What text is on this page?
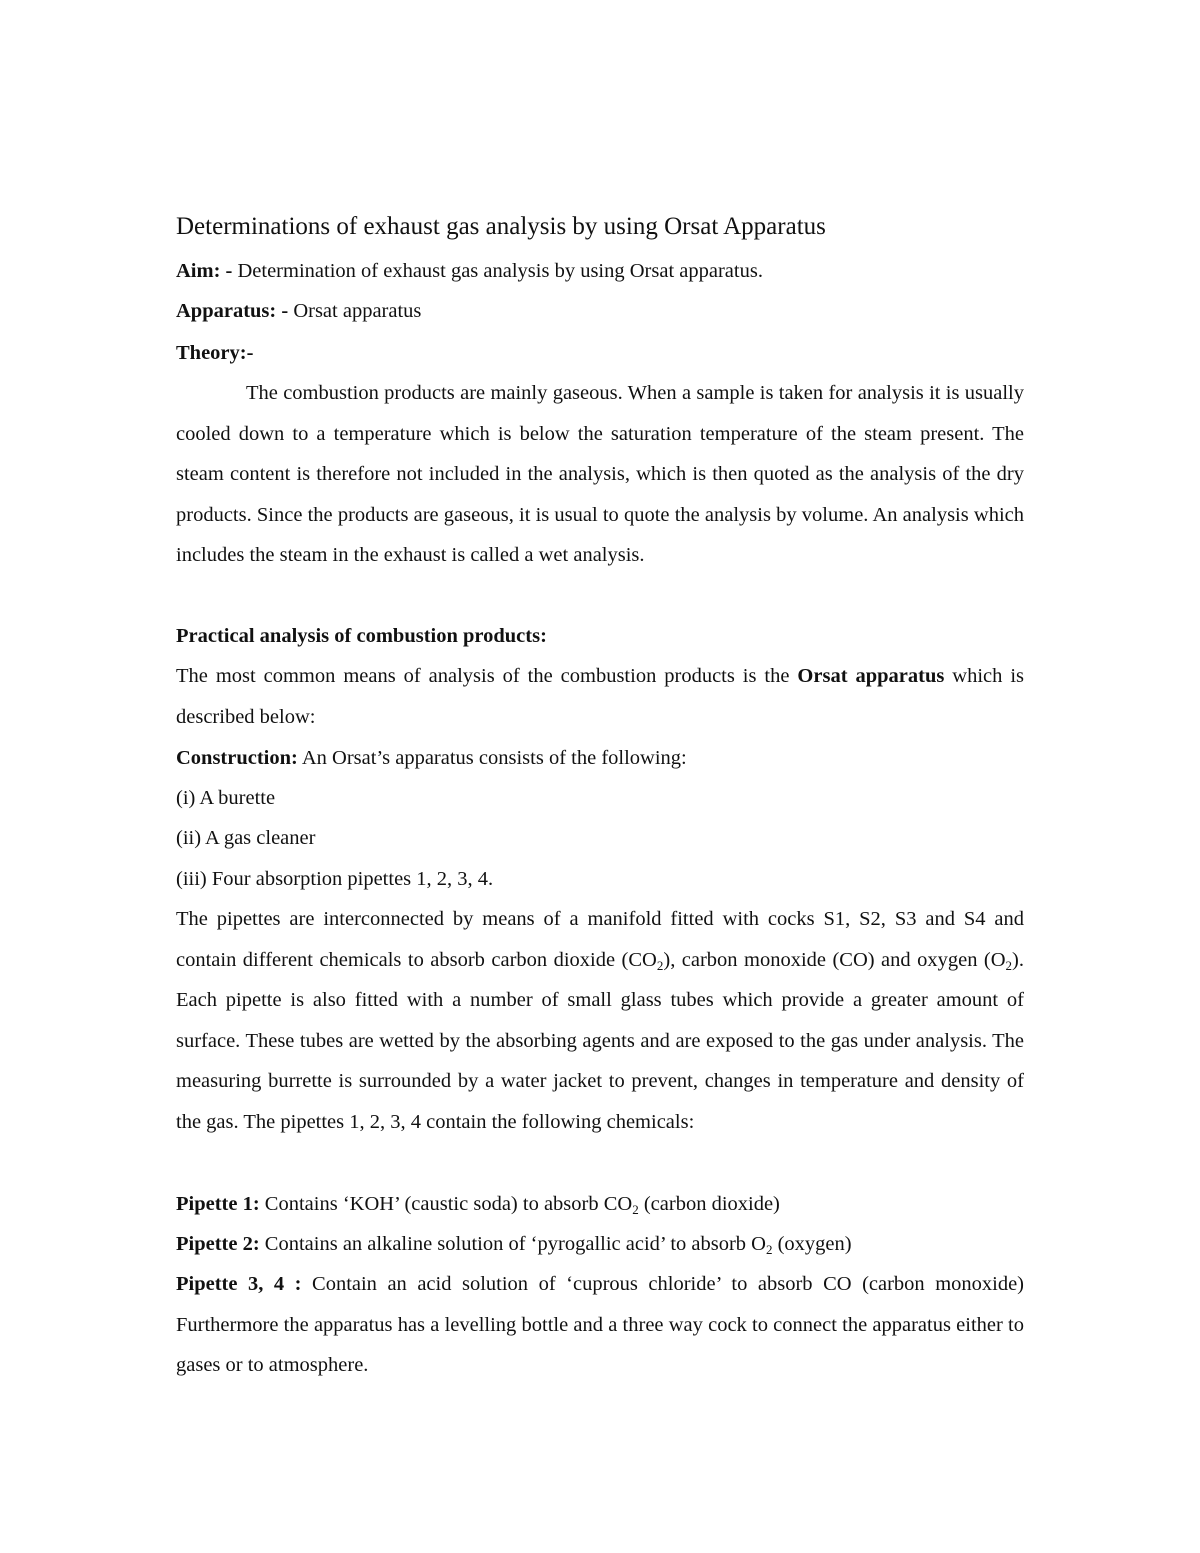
Determinations of exhaust gas analysis by using Orsat Apparatus
Aim: - Determination of exhaust gas analysis by using Orsat apparatus.
Apparatus: - Orsat apparatus
Theory:-
The combustion products are mainly gaseous. When a sample is taken for analysis it is usually cooled down to a temperature which is below the saturation temperature of the steam present. The steam content is therefore not included in the analysis, which is then quoted as the analysis of the dry products. Since the products are gaseous, it is usual to quote the analysis by volume. An analysis which includes the steam in the exhaust is called a wet analysis.
Practical analysis of combustion products:
The most common means of analysis of the combustion products is the Orsat apparatus which is described below:
Construction: An Orsat’s apparatus consists of the following:
(i) A burette
(ii) A gas cleaner
(iii) Four absorption pipettes 1, 2, 3, 4.
The pipettes are interconnected by means of a manifold fitted with cocks S1, S2, S3 and S4 and contain different chemicals to absorb carbon dioxide $(CO_2)$, carbon monoxide (CO) and oxygen $(O_2)$. Each pipette is also fitted with a number of small glass tubes which provide a greater amount of surface. These tubes are wetted by the absorbing agents and are exposed to the gas under analysis. The measuring burrette is surrounded by a water jacket to prevent, changes in temperature and density of the gas. The pipettes 1, 2, 3, 4 contain the following chemicals:
Pipette 1: Contains ‘KOH’ (caustic soda) to absorb $CO_2$ (carbon dioxide)
Pipette 2: Contains an alkaline solution of ‘pyrogallic acid’ to absorb $O_2$ (oxygen)
Pipette 3, 4 : Contain an acid solution of ‘cuprous chloride’ to absorb CO (carbon monoxide) Furthermore the apparatus has a levelling bottle and a three way cock to connect the apparatus either to gases or to atmosphere.
